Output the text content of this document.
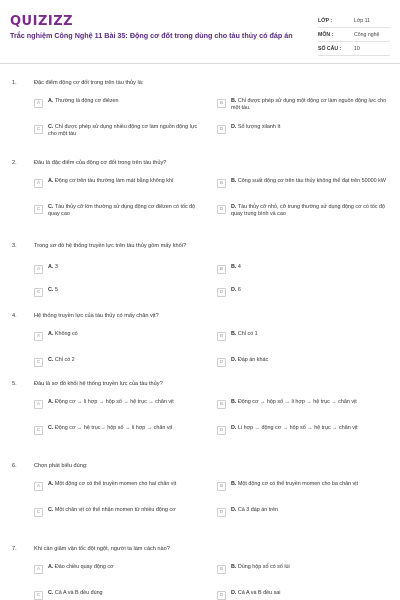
QUIZIZZ
Trắc nghiệm Công Nghệ 11 Bài 35: Động cơ đốt trong dùng cho tàu thủy có đáp án
LỚP :	Lớp 11
MÔN :	Công nghệ
SỐ CÂU :	10
1.	Đặc điểm động cơ đốt trong trên tàu thủy là:
A	A. Thường là động cơ điêzen	B	B. Chỉ được phép sử dụng một động cơ làm nguồn động lực cho một tàu.
C	C. Chỉ được phép sử dụng nhiều động cơ làm nguồn động lực cho một tàu
D	D. Số lượng xilanh ít
2.	Đâu là đặc điểm của động cơ đốt trong trên tàu thủy?
A	A. Động cơ trên tàu thường làm mát bằng không khí	B	B. Công suất động cơ trên tàu thủy không thể đạt trên 50000 kW
C	C. Tàu thủy cỡ lớn thường sử dụng động cơ điêzen có tốc độ quay cao
D	D. Tàu thủy cỡ nhỏ, cỡ trung thường sử dụng động cơ có tốc độ quay trung bình và cao
3.	Trong sơ đồ hệ thống truyền lực trên tàu thủy gồm mấy khối?
A	A. 3	B	B. 4
C	C. 5	D	D. 6
4.	Hệ thống truyền lực của tàu thủy có mấy chân vịt?
A	A. Không có	B	B. Chỉ có 1
C	C. Chỉ có 2	D	D. Đáp án khác
5.	Đâu là sơ đồ khối hệ thống truyền lực của tàu thủy?
A	A. Động cơ → li hợp → hộp số → hệ trục → chân vịt	B	B. Động cơ → hộp số → li hợp → hệ trục → chân vịt
C	C. Động cơ → hệ trục→ hộp số → li hợp → chân vịt	D	D. Li hợp → động cơ → hộp số → hệ trục → chân vịt
6.	Chọn phát biểu đúng:
A	A. Một động cơ có thể truyền momen cho hai chân vịt	B	B. Một động cơ có thể truyền momen cho ba chân vịt
C	C. Một chân vịt có thể nhận momen từ nhiều động cơ	D	D. Cả 3 đáp án trên
7.	Khi cần giảm vận tốc đột ngột, người ta làm cách nào?
A	A. Đảo chiều quay động cơ	B	B. Dùng hộp số có số lùi
C	C. Cả A và B đều đúng	D	D. Cả A và B đều sai
